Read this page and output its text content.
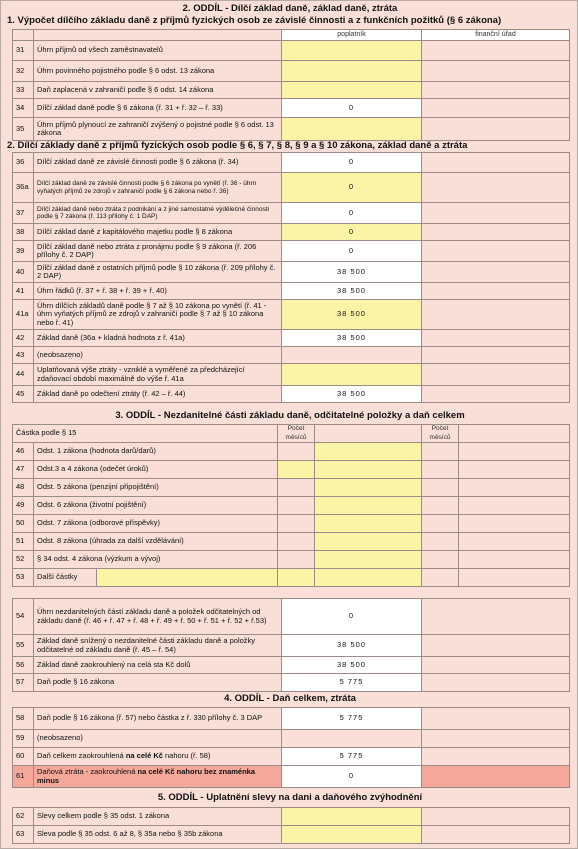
2. ODDÍL - Dílčí základ daně, základ daně, ztráta
1. Výpočet dílčího základu daně z příjmů fyzických osob ze závislé činnosti a z funkčních požitků (§ 6 zákona)
		poplatník	finanční úřad
31	Úhrn příjmů od všech zaměstnavatelů		
32	Úhrn povinného pojistného podle § 6 odst. 13 zákona		
33	Daň zaplacená v zahraničí podle § 6 odst. 14 zákona		
34	Dílčí základ daně podle § 6 zákona (ř. 31 + ř. 32 – ř. 33)	0	
35	Úhrn příjmů plynoucí ze zahraničí zvýšený o pojistné podle § 6 odst. 13 zákona		
2. Dílčí základy daně z příjmů fyzických osob podle § 6, § 7, § 8, § 9 a § 10 zákona, základ daně a ztráta
36	Dílčí základ daně ze závislé činnosti podle § 6 zákona (ř. 34)	0	
36a	Dílčí základ daně ze závislé činnosti podle § 6 zákona po vynětí (ř. 36 - úhrn vyňatých příjmů ze zdrojů v zahraničí podle § 6 zákona nebo ř. 36)	0	
37	Dílčí základ daně nebo ztráta z podnikání a z jiné samostatné výdělečné činnosti podle § 7 zákona (ř. 113 přílohy č. 1 DAP)	0	
38	Dílčí základ daně z kapitálového majetku podle § 8 zákona	0	
39	Dílčí základ daně nebo ztráta z pronájmu podle § 9 zákona (ř. 206 přílohy č. 2 DAP)	0	
40	Dílčí základ daně z ostatních příjmů podle § 10 zákona (ř. 209 přílohy č. 2 DAP)	38 500	
41	Úhrn řádků (ř. 37 + ř. 38 + ř. 39 + ř. 40)	38 500	
41a	Úhrn dílčích základů daně podle § 7 až § 10 zákona po vynětí (ř. 41 - úhrn vyňatých příjmů ze zdrojů v zahraničí podle § 7 až § 10 zákona nebo ř. 41)	38 500	
42	Základ daně (36a + kladná hodnota z ř. 41a)	38 500	
43	(neobsazeno)		
44	Uplatňovaná výše ztráty - vzniklé a vyměřené za předcházející zdaňovací období maximálně do výše ř. 41a		
45	Základ daně po odečtení ztráty (ř. 42 – ř. 44)	38 500	
3. ODDÍL - Nezdanitelné části základu daně, odčitatelné položky a daň celkem
Částka podle § 15			Počet měsíců		Počet měsíců	
46	Odst. 1 zákona (hodnota darů/darů)					
47	Odst.3 a 4 zákona (odečet úroků)					
48	Odst. 5 zákona (penzijní připojištění)					
49	Odst. 6 zákona (životní pojištění)					
50	Odst. 7 zákona (odborové příspěvky)					
51	Odst. 8 zákona (úhrada za další vzdělávání)					
52	§ 34 odst. 4 zákona (výzkum a vývoj)					
53	Další částky					
54	Úhrn nezdanitelných částí základu daně a položek odčitatelných od základu daně (ř. 46 + ř. 47 + ř. 48 + ř. 49 + ř. 50 + ř. 51 + ř. 52 + ř.53)	0	
55	Základ daně snížený o nezdanitelné části základu daně a položky odčitatelné od základu daně (ř. 45 – ř. 54)	38 500	
56	Základ daně zaokrouhlený na celá sta Kč dolů	38 500	
57	Daň podle § 16 zákona	5 775	
4. ODDÍL - Daň celkem, ztráta
58	Daň podle § 16 zákona (ř. 57) nebo částka z ř. 330 přílohy č. 3 DAP	5 775	
59	(neobsazeno)		
60	Daň celkem zaokrouhlená na celé Kč nahoru (ř. 58)	5 775	
61	Daňová ztráta - zaokrouhlená na celé Kč nahoru bez znaménka minus	0	
5. ODDÍL - Uplatnění slevy na dani a daňového zvýhodnění
62	Slevy celkem podle § 35 odst. 1 zákona		
63	Sleva podle § 35 odst. 6 až 8, § 35a nebo § 35b zákona		
